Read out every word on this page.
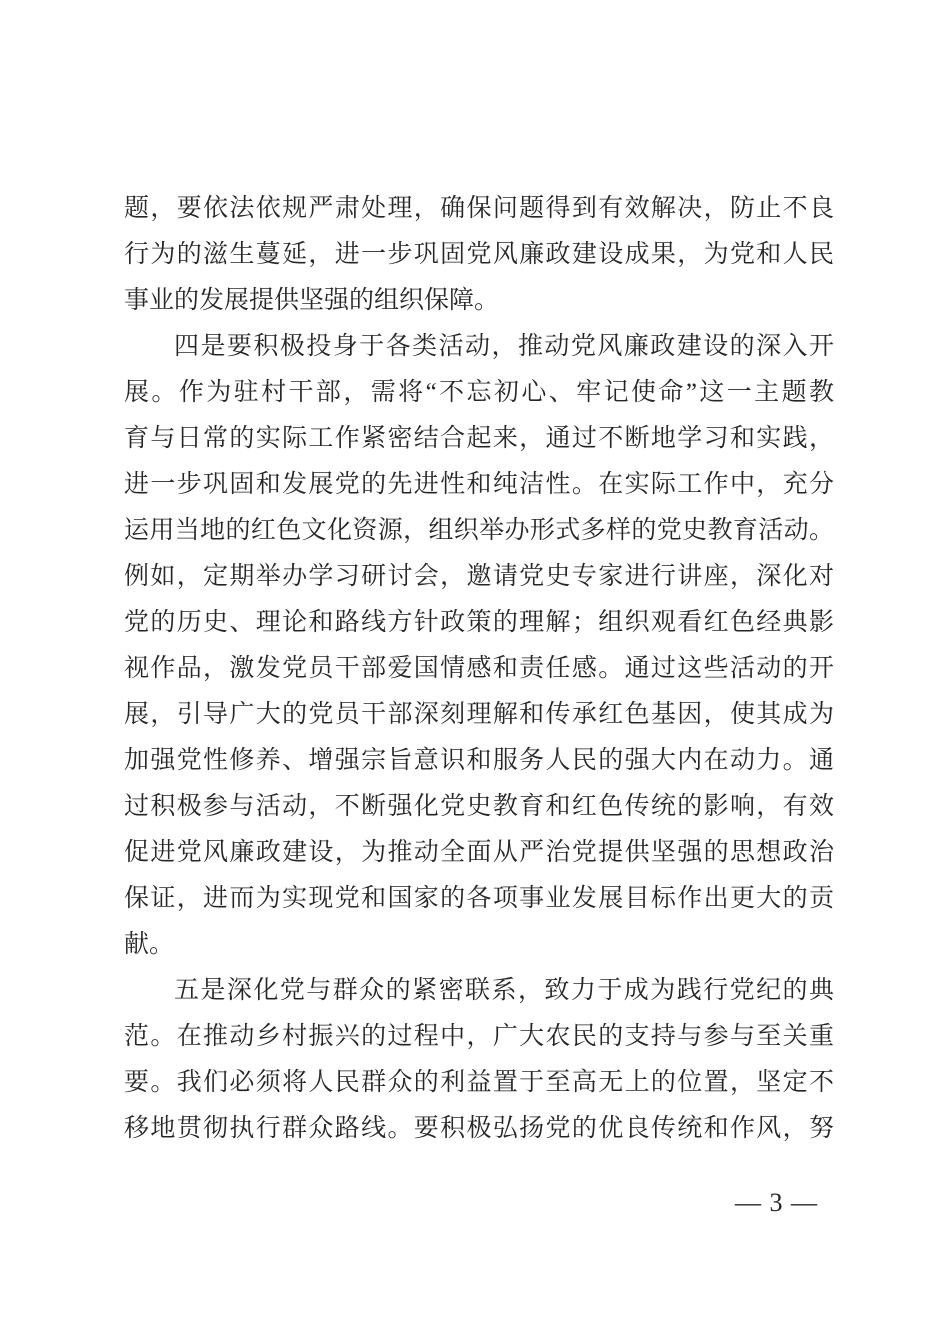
题，要依法依规严肃处理，确保问题得到有效解决，防止不良
行为的滋生蔓延，进一步巩固党风廉政建设成果，为党和人民
事业的发展提供坚强的组织保障。
四是要积极投身于各类活动，推动党风廉政建设的深入开
展。作为驻村干部，需将“不忘初心、牢记使命”这一主题教
育与日常的实际工作紧密结合起来，通过不断地学习和实践，
进一步巩固和发展党的先进性和纯洁性。在实际工作中，充分
运用当地的红色文化资源，组织举办形式多样的党史教育活动。
例如，定期举办学习研讨会，邀请党史专家进行讲座，深化对
党的历史、理论和路线方针政策的理解；组织观看红色经典影
视作品，激发党员干部爱国情感和责任感。通过这些活动的开
展，引导广大的党员干部深刻理解和传承红色基因，使其成为
加强党性修养、增强宗旨意识和服务人民的强大内在动力。通
过积极参与活动，不断强化党史教育和红色传统的影响，有效
促进党风廉政建设，为推动全面从严治党提供坚强的思想政治
保证，进而为实现党和国家的各项事业发展目标作出更大的贡
献。
五是深化党与群众的紧密联系，致力于成为践行党纪的典
范。在推动乡村振兴的过程中，广大农民的支持与参与至关重
要。我们必须将人民群众的利益置于至高无上的位置，坚定不
移地贯彻执行群众路线。要积极弘扬党的优良传统和作风，努
— 3 —
